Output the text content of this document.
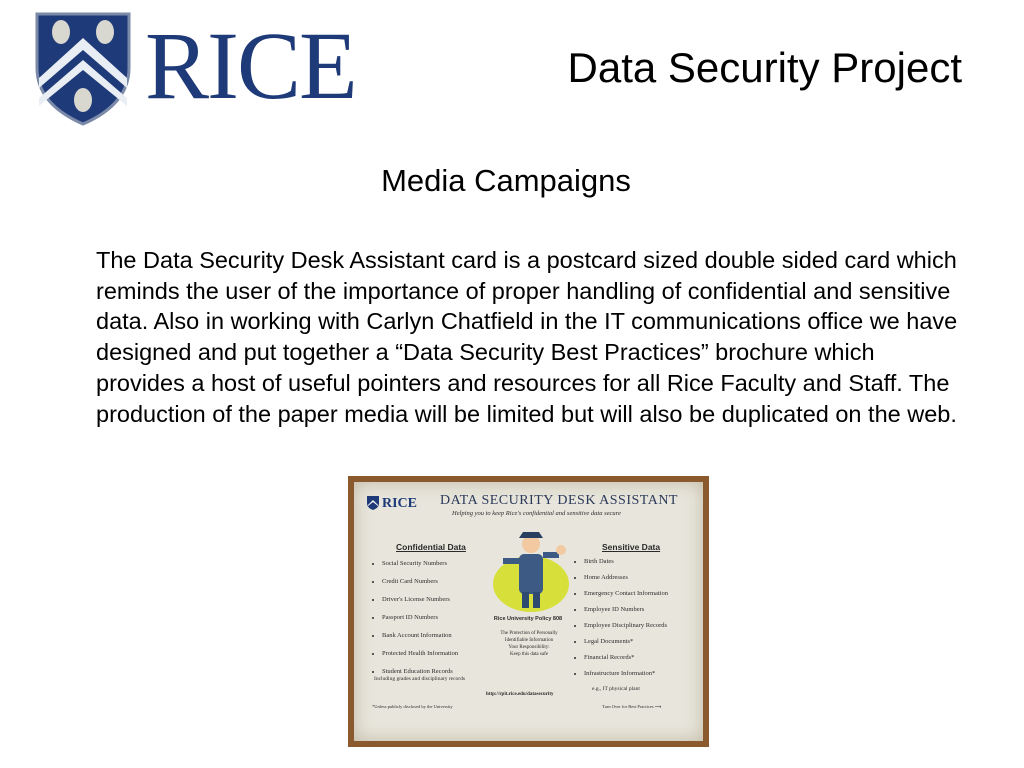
RICE	Data Security Project
Media Campaigns
The Data Security Desk Assistant card is a postcard sized double sided card which reminds the user of the importance of proper handling of confidential and sensitive data. Also in working with Carlyn Chatfield in the IT communications office we have designed and put together a “Data Security Best Practices” brochure which provides a host of useful pointers and resources for all Rice Faculty and Staff. The production of the paper media will be limited but will also be duplicated on the web.
RICE DATA SECURITY DESK ASSISTANT
Helping you to keep Rice's confidential and sensitive data secure
Confidential Data
• Social Security Numbers
• Credit Card Numbers
• Driver's License Numbers
• Passport ID Numbers
• Bank Account Information
• Protected Health Information
• Student Education Records
Including grades and disciplinary records
Rice University Policy 808
The Protection of Personally
Identifiable Information
Your Responsibility:
Keep this data safe
Sensitive Data
• Birth Dates
• Home Addresses
• Emergency Contact Information
• Employee ID Numbers
• Employee Disciplinary Records
• Legal Documents*
• Financial Records*
• Infrastructure Information*
e.g., IT physical plant
http://rpit.rice.edu/datasecurity
*Unless publicly disclosed by the University	Turn Over for Best Practices ⟶
